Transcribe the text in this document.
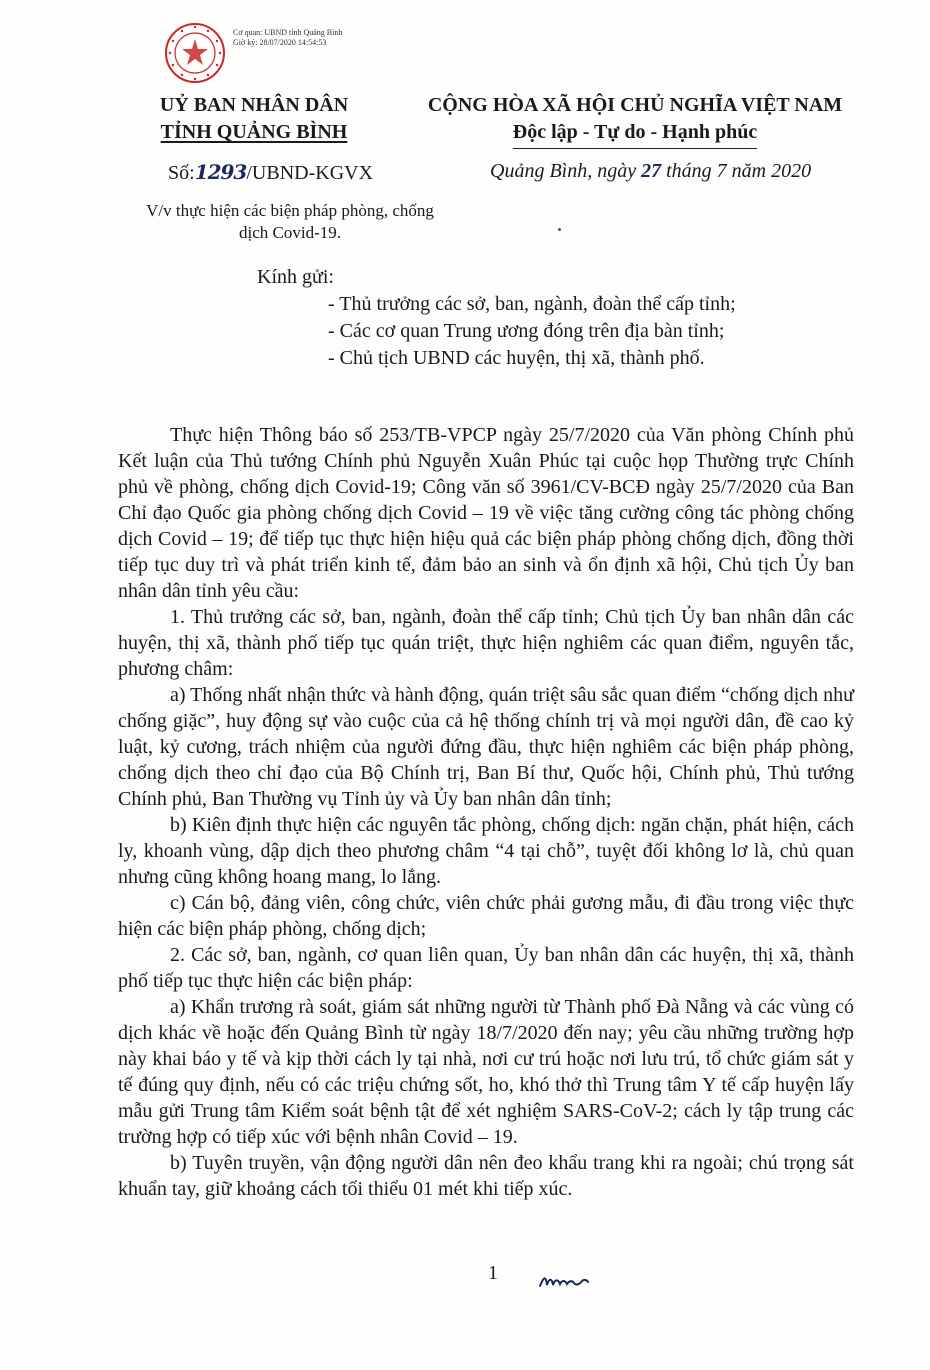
Cơ quan: UBND tỉnh Quảng Bình
Giờ ký: 28/07/2020 14:54:53
UỶ BAN NHÂN DÂN
TỈNH QUẢNG BÌNH
CỘNG HÒA XÃ HỘI CHỦ NGHĨA VIỆT NAM
Độc lập - Tự do - Hạnh phúc
Số:1293/UBND-KGVX	Quảng Bình, ngày 27 tháng 7 năm 2020
V/v thực hiện các biện pháp phòng, chống dịch Covid-19.
Kính gửi:
- Thủ trưởng các sở, ban, ngành, đoàn thể cấp tỉnh;
- Các cơ quan Trung ương đóng trên địa bàn tỉnh;
- Chủ tịch UBND các huyện, thị xã, thành phố.

Thực hiện Thông báo số 253/TB-VPCP ngày 25/7/2020 của Văn phòng Chính phủ Kết luận của Thủ tướng Chính phủ Nguyễn Xuân Phúc tại cuộc họp Thường trực Chính phủ về phòng, chống dịch Covid-19; Công văn số 3961/CV-BCĐ ngày 25/7/2020 của Ban Chỉ đạo Quốc gia phòng chống dịch Covid – 19 về việc tăng cường công tác phòng chống dịch Covid – 19; để tiếp tục thực hiện hiệu quả các biện pháp phòng chống dịch, đồng thời tiếp tục duy trì và phát triển kinh tế, đảm bảo an sinh và ổn định xã hội, Chủ tịch Ủy ban nhân dân tỉnh yêu cầu:

1. Thủ trưởng các sở, ban, ngành, đoàn thể cấp tỉnh; Chủ tịch Ủy ban nhân dân các huyện, thị xã, thành phố tiếp tục quán triệt, thực hiện nghiêm các quan điểm, nguyên tắc, phương châm:

a) Thống nhất nhận thức và hành động, quán triệt sâu sắc quan điểm “chống dịch như chống giặc”, huy động sự vào cuộc của cả hệ thống chính trị và mọi người dân, đề cao kỷ luật, kỷ cương, trách nhiệm của người đứng đầu, thực hiện nghiêm các biện pháp phòng, chống dịch theo chỉ đạo của Bộ Chính trị, Ban Bí thư, Quốc hội, Chính phủ, Thủ tướng Chính phủ, Ban Thường vụ Tỉnh ủy và Ủy ban nhân dân tỉnh;

b) Kiên định thực hiện các nguyên tắc phòng, chống dịch: ngăn chặn, phát hiện, cách ly, khoanh vùng, dập dịch theo phương châm “4 tại chỗ”, tuyệt đối không lơ là, chủ quan nhưng cũng không hoang mang, lo lắng.

c) Cán bộ, đảng viên, công chức, viên chức phải gương mẫu, đi đầu trong việc thực hiện các biện pháp phòng, chống dịch;

2. Các sở, ban, ngành, cơ quan liên quan, Ủy ban nhân dân các huyện, thị xã, thành phố tiếp tục thực hiện các biện pháp:

a) Khẩn trương rà soát, giám sát những người từ Thành phố Đà Nẵng và các vùng có dịch khác về hoặc đến Quảng Bình từ ngày 18/7/2020 đến nay; yêu cầu những trường hợp này khai báo y tế và kịp thời cách ly tại nhà, nơi cư trú hoặc nơi lưu trú, tổ chức giám sát y tế đúng quy định, nếu có các triệu chứng sốt, ho, khó thở thì Trung tâm Y tế cấp huyện lấy mẫu gửi Trung tâm Kiểm soát bệnh tật để xét nghiệm SARS-CoV-2; cách ly tập trung các trường hợp có tiếp xúc với bệnh nhân Covid – 19.

b) Tuyên truyền, vận động người dân nên đeo khẩu trang khi ra ngoài; chú trọng sát khuẩn tay, giữ khoảng cách tối thiểu 01 mét khi tiếp xúc.

1
